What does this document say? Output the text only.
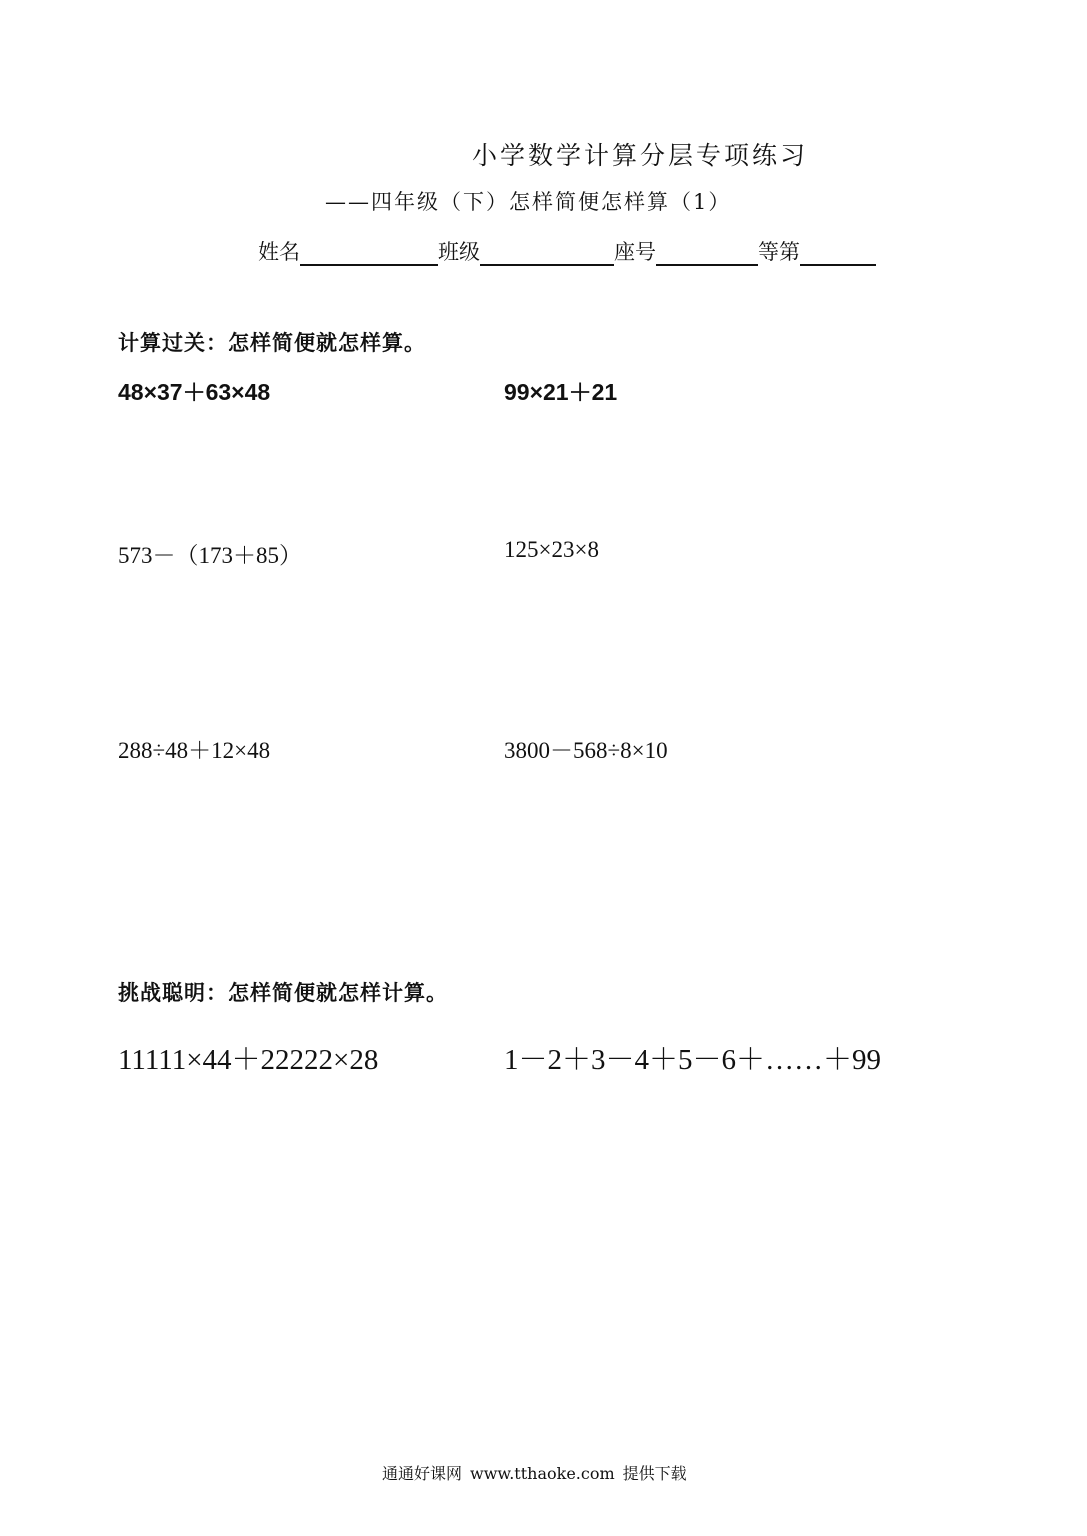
小学数学计算分层专项练习
——四年级（下）怎样简便怎样算（1）
姓名	班级	座号	等第
计算过关：怎样简便就怎样算。
48×37＋63×48	99×21＋21
573－（173＋85）	125×23×8
288÷48＋12×48	3800－568÷8×10
挑战聪明：怎样简便就怎样计算。
11111×44＋22222×28	1－2＋3－4＋5－6＋……＋99
通通好课网 www.tthaoke.com 提供下载
